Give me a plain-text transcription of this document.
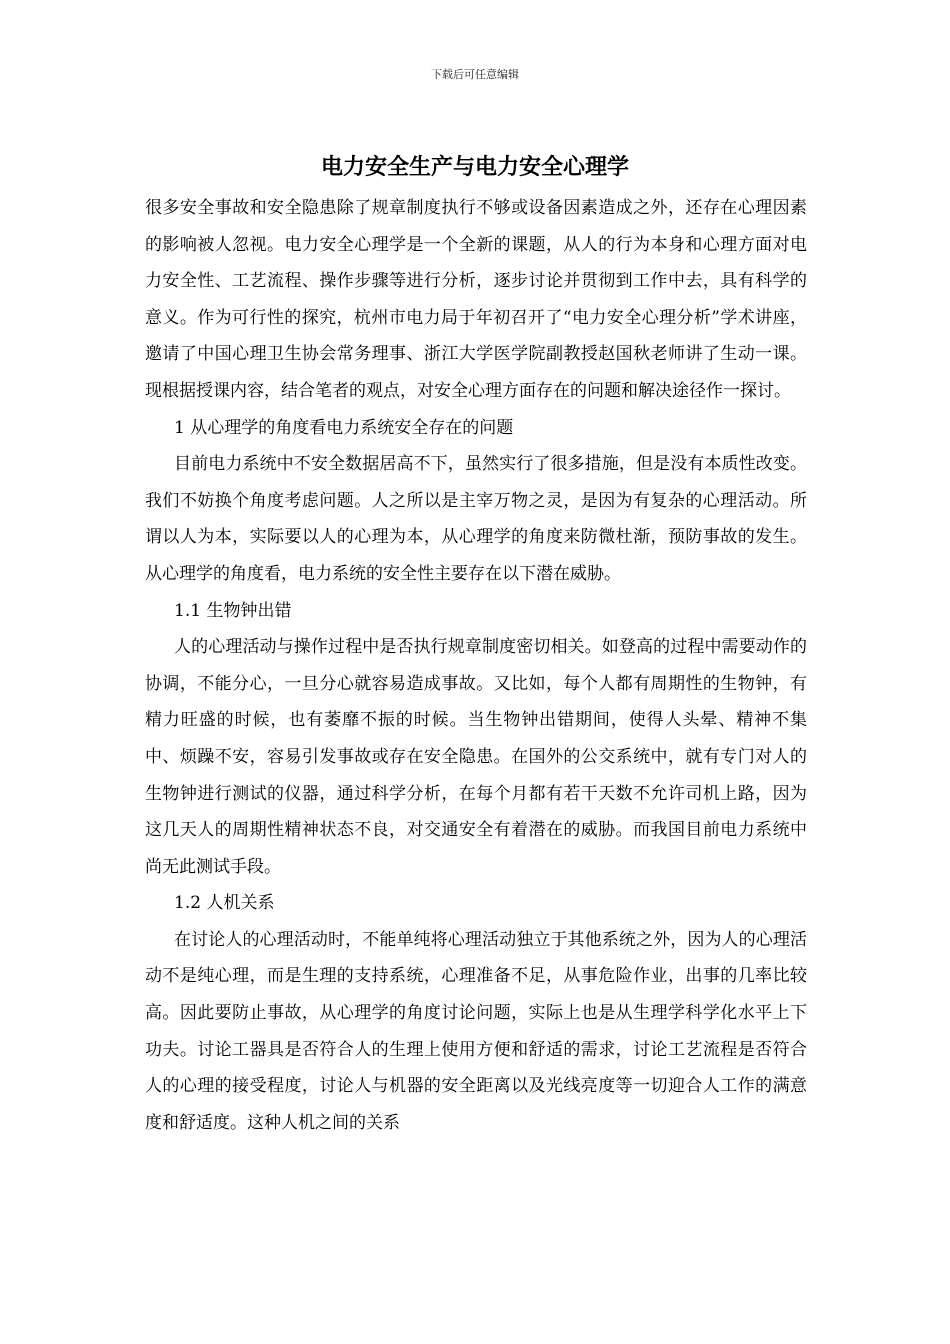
下载后可任意编辑
电力安全生产与电力安全心理学

很多安全事故和安全隐患除了规章制度执行不够或设备因素造成之外，还存在心理因素的影响被人忽视。电力安全心理学是一个全新的课题，从人的行为本身和心理方面对电力安全性、工艺流程、操作步骤等进行分析，逐步讨论并贯彻到工作中去，具有科学的意义。作为可行性的探究，杭州市电力局于年初召开了“电力安全心理分析”学术讲座，邀请了中国心理卫生协会常务理事、浙江大学医学院副教授赵国秋老师讲了生动一课。现根据授课内容，结合笔者的观点，对安全心理方面存在的问题和解决途径作一探讨。

1 从心理学的角度看电力系统安全存在的问题

目前电力系统中不安全数据居高不下，虽然实行了很多措施，但是没有本质性改变。我们不妨换个角度考虑问题。人之所以是主宰万物之灵，是因为有复杂的心理活动。所谓以人为本，实际要以人的心理为本，从心理学的角度来防微杜渐，预防事故的发生。从心理学的角度看，电力系统的安全性主要存在以下潜在威胁。

1.1 生物钟出错

人的心理活动与操作过程中是否执行规章制度密切相关。如登高的过程中需要动作的协调，不能分心，一旦分心就容易造成事故。又比如，每个人都有周期性的生物钟，有精力旺盛的时候，也有萎靡不振的时候。当生物钟出错期间，使得人头晕、精神不集中、烦躁不安，容易引发事故或存在安全隐患。在国外的公交系统中，就有专门对人的生物钟进行测试的仪器，通过科学分析，在每个月都有若干天数不允许司机上路，因为这几天人的周期性精神状态不良，对交通安全有着潜在的威胁。而我国目前电力系统中尚无此测试手段。

1.2 人机关系

在讨论人的心理活动时，不能单纯将心理活动独立于其他系统之外，因为人的心理活动不是纯心理，而是生理的支持系统，心理准备不足，从事危险作业，出事的几率比较高。因此要防止事故，从心理学的角度讨论问题，实际上也是从生理学科学化水平上下功夫。讨论工器具是否符合人的生理上使用方便和舒适的需求，讨论工艺流程是否符合人的心理的接受程度，讨论人与机器的安全距离以及光线亮度等一切迎合人工作的满意度和舒适度。这种人机之间的关系
